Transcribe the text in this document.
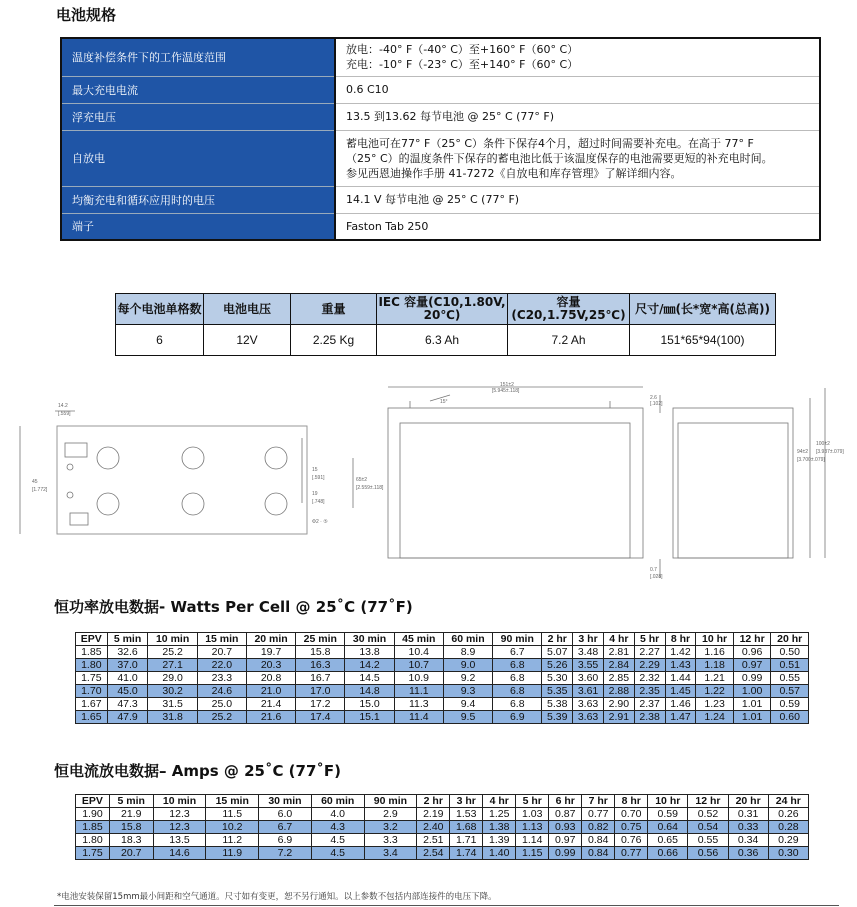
电池规格
温度补偿条件下的工作温度范围	放电：-40° F（-40° C）至+160° F（60° C）
充电：-10° F（-23° C）至+140° F（60° C）

最大充电电流	0.6 C10

浮充电压	13.5 到13.62 每节电池 @ 25° C (77° F)

自放电	蓄电池可在77° F（25° C）条件下保存4个月，超过时间需要补充电。在高于 77° F
（25° C）的温度条件下保存的蓄电池比低于该温度保存的电池需要更短的补充电时间。
参见西恩迪操作手册 41-7272《自放电和库存管理》了解详细内容。

均衡充电和循环应用时的电压	14.1 V 每节电池 @ 25° C (77° F)

端子	Faston Tab 250
每个电池单格数	电池电压	重量	IEC 容量(C10,1.80V, 20℃)	容量(C20,1.75V,25℃)	尺寸/㎜(长*宽*高(总高))
6	12V	2.25 Kg	6.3 Ah	7.2 Ah	151*65*94(100)
14.2
[.559]
45
[1.772]
15
[.591]
19
[.748]
65±2
[2.559±.118]
Φ2 · ⑤
151±2
[5.945±.118]
15°
94±2
[3.700±.079]
100±2
[3.937±.079]
2.6
[.102]
0.7
[.028]
恒功率放电数据- Watts Per Cell @ 25˚C (77˚F)
EPV	5 min	10 min	15 min	20 min	25 min	30 min	45 min	60 min	90 min	2 hr	3 hr	4 hr	5 hr	8 hr	10 hr	12 hr	20 hr
1.85	32.6	25.2	20.7	19.7	15.8	13.8	10.4	8.9	6.7	5.07	3.48	2.81	2.27	1.42	1.16	0.96	0.50
1.80	37.0	27.1	22.0	20.3	16.3	14.2	10.7	9.0	6.8	5.26	3.55	2.84	2.29	1.43	1.18	0.97	0.51
1.75	41.0	29.0	23.3	20.8	16.7	14.5	10.9	9.2	6.8	5.30	3.60	2.85	2.32	1.44	1.21	0.99	0.55
1.70	45.0	30.2	24.6	21.0	17.0	14.8	11.1	9.3	6.8	5.35	3.61	2.88	2.35	1.45	1.22	1.00	0.57
1.67	47.3	31.5	25.0	21.4	17.2	15.0	11.3	9.4	6.8	5.38	3.63	2.90	2.37	1.46	1.23	1.01	0.59
1.65	47.9	31.8	25.2	21.6	17.4	15.1	11.4	9.5	6.9	5.39	3.63	2.91	2.38	1.47	1.24	1.01	0.60
恒电流放电数据– Amps @ 25˚C (77˚F)
EPV	5 min	10 min	15 min	30 min	60 min	90 min	2 hr	3 hr	4 hr	5 hr	6 hr	7 hr	8 hr	10 hr	12 hr	20 hr	24 hr
1.90	21.9	12.3	11.5	6.0	4.0	2.9	2.19	1.53	1.25	1.03	0.87	0.77	0.70	0.59	0.52	0.31	0.26
1.85	15.8	12.3	10.2	6.7	4.3	3.2	2.40	1.68	1.38	1.13	0.93	0.82	0.75	0.64	0.54	0.33	0.28
1.80	18.3	13.5	11.2	6.9	4.5	3.3	2.51	1.71	1.39	1.14	0.97	0.84	0.76	0.65	0.55	0.34	0.29
1.75	20.7	14.6	11.9	7.2	4.5	3.4	2.54	1.74	1.40	1.15	0.99	0.84	0.77	0.66	0.56	0.36	0.30
*电池安装保留15mm最小间距和空气通道。尺寸如有变更，恕不另行通知。以上参数不包括内部连接件的电压下降。
